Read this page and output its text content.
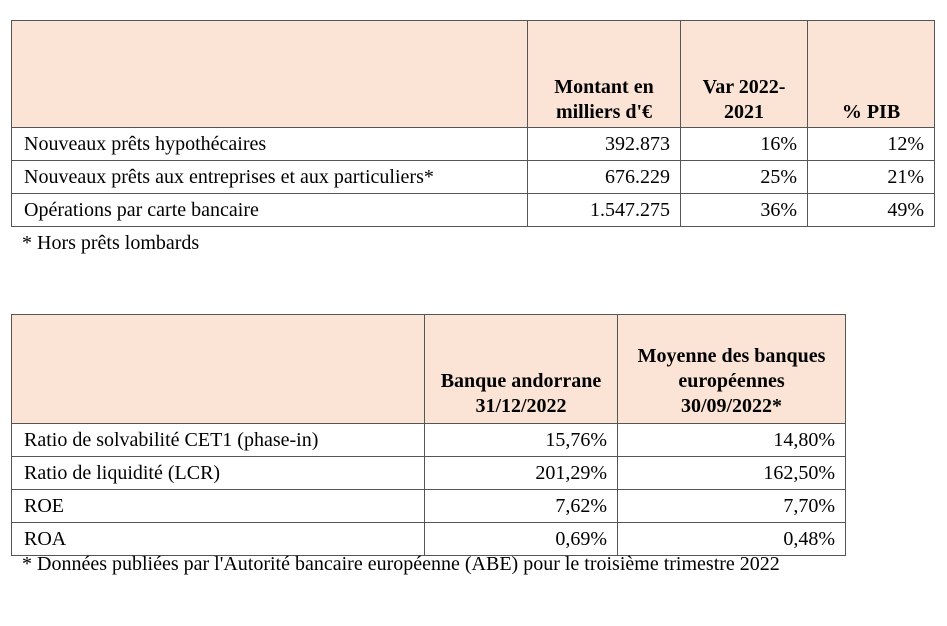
	Montant en milliers d'€	Var 2022-2021	% PIB
Nouveaux prêts hypothécaires	392.873	16%	12%
Nouveaux prêts aux entreprises et aux particuliers*	676.229	25%	21%
Opérations par carte bancaire	1.547.275	36%	49%
* Hors prêts lombards
	Banque andorrane 31/12/2022	Moyenne des banques européennes 30/09/2022*
Ratio de solvabilité CET1 (phase-in)	15,76%	14,80%
Ratio de liquidité (LCR)	201,29%	162,50%
ROE	7,62%	7,70%
ROA	0,69%	0,48%
* Données publiées par l'Autorité bancaire européenne (ABE) pour le troisième trimestre 2022
